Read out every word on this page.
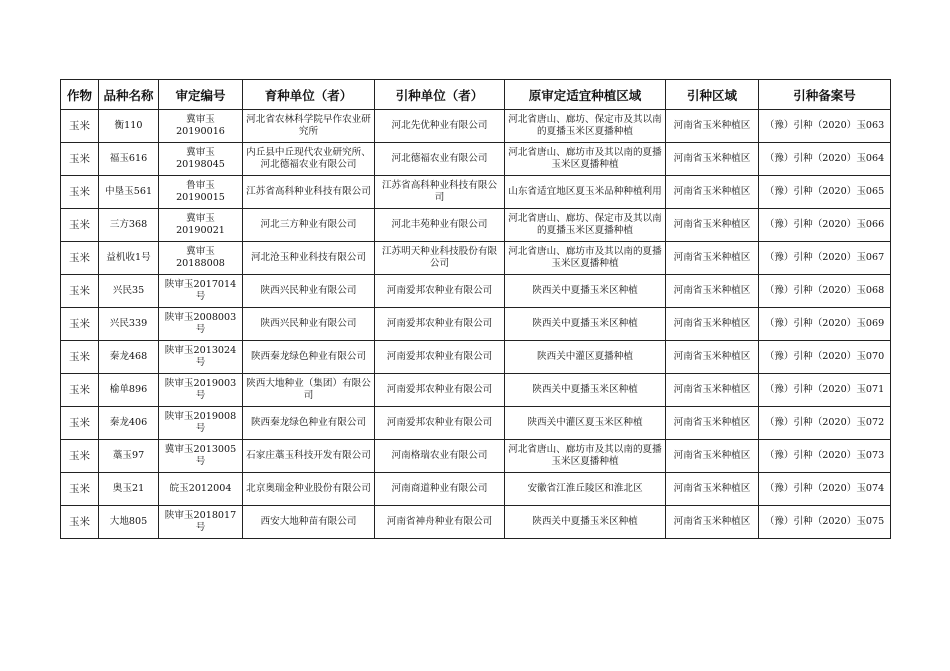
作物	品种名称	审定编号	育种单位（者）	引种单位（者）	原审定适宜种植区域	引种区域	引种备案号
玉米	衡110	冀审玉20190016	河北省农林科学院早作农业研究所	河北先优种业有限公司	河北省唐山、廊坊、保定市及其以南的夏播玉米区夏播种植	河南省玉米种植区	（豫）引种（2020）玉063
玉米	福玉616	冀审玉20198045	内丘县中丘现代农业研究所、河北德福农业有限公司	河北德福农业有限公司	河北省唐山、廊坊市及其以南的夏播玉米区夏播种植	河南省玉米种植区	（豫）引种（2020）玉064
玉米	中垦玉561	鲁审玉20190015	江苏省高科种业科技有限公司	江苏省高科种业科技有限公司	山东省适宜地区夏玉米品种种植利用	河南省玉米种植区	（豫）引种（2020）玉065
玉米	三方368	冀审玉20190021	河北三方种业有限公司	河北丰苑种业有限公司	河北省唐山、廊坊、保定市及其以南的夏播玉米区夏播种植	河南省玉米种植区	（豫）引种（2020）玉066
玉米	益机收1号	冀审玉20188008	河北沧玉种业科技有限公司	江苏明天种业科技股份有限公司	河北省唐山、廊坊市及其以南的夏播玉米区夏播种植	河南省玉米种植区	（豫）引种（2020）玉067
玉米	兴民35	陕审玉2017014号	陕西兴民种业有限公司	河南爱邦农种业有限公司	陕西关中夏播玉米区种植	河南省玉米种植区	（豫）引种（2020）玉068
玉米	兴民339	陕审玉2008003号	陕西兴民种业有限公司	河南爱邦农种业有限公司	陕西关中夏播玉米区种植	河南省玉米种植区	（豫）引种（2020）玉069
玉米	秦龙468	陕审玉2013024号	陕西秦龙绿色种业有限公司	河南爱邦农种业有限公司	陕西关中灌区夏播种植	河南省玉米种植区	（豫）引种（2020）玉070
玉米	榆单896	陕审玉2019003号	陕西大地种业（集团）有限公司	河南爱邦农种业有限公司	陕西关中夏播玉米区种植	河南省玉米种植区	（豫）引种（2020）玉071
玉米	秦龙406	陕审玉2019008号	陕西秦龙绿色种业有限公司	河南爱邦农种业有限公司	陕西关中灌区夏玉米区种植	河南省玉米种植区	（豫）引种（2020）玉072
玉米	藁玉97	冀审玉2013005号	石家庄藁玉科技开发有限公司	河南格瑞农业有限公司	河北省唐山、廊坊市及其以南的夏播玉米区夏播种植	河南省玉米种植区	（豫）引种（2020）玉073
玉米	奥玉21	皖玉2012004	北京奥瑞金种业股份有限公司	河南商道种业有限公司	安徽省江淮丘陵区和淮北区	河南省玉米种植区	（豫）引种（2020）玉074
玉米	大地805	陕审玉2018017号	西安大地种苗有限公司	河南省神舟种业有限公司	陕西关中夏播玉米区种植	河南省玉米种植区	（豫）引种（2020）玉075
